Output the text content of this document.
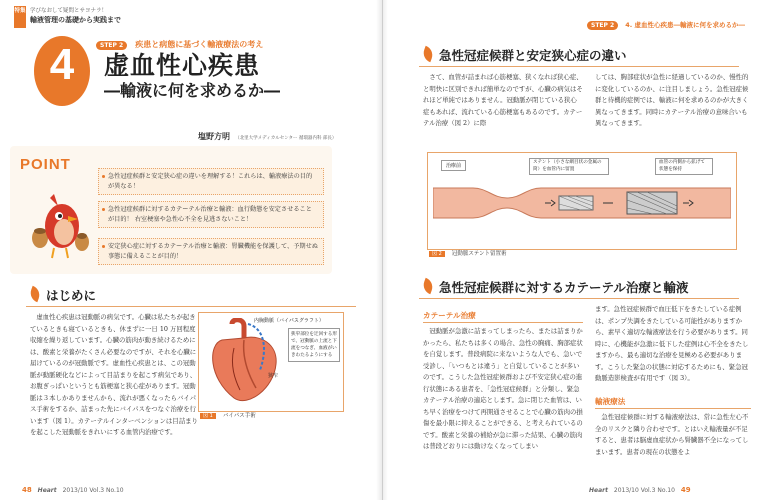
特集 学びなおして疑問とサヨナラ！
輸液管理の基礎から実践まで
4	STEP 2 疾患と病態に基づく輸液療法の考え
虚血性心疾患
―輸液に何を求めるか―
塩野方明 （北里大学メディカルセンター 循環器内科 部長）
POINT
急性冠症候群と安定狭心症の違いを理解する！これらは、輸液療法の目的が異なる！
急性冠症候群に対するカテーテル治療と輸液：血行動態を安定させることが目的！ 右室梗塞や急性心不全を見逃さないこと！
安定狭心症に対するカテーテル治療と輸液：腎臓機能を保護して、予期せぬ事態に備えることが目的！
はじめに
　虚血性心疾患は冠動脈の病気です。心臓は私たちが起きているときも寝ているときも、休まずに一日 10 万回程度収縮を繰り返しています。心臓の筋肉が動き続けるためには、酸素と栄養がたくさん必要なのですが、それを心臓に届けているのが冠動脈です。虚血性心疾患とは、この冠動脈が動脈硬化などによって目詰まりを起こす病気であり、お腹ぎっぱいというとも筋梗塞と狭心症があります。冠動脈は３本しかありませんから、流れが悪くなったらバイパス手術をするか、詰まった先にバイパスをつなぐ治療を行います（図 1）。カテーテルインターベンションは目詰まりを起こした冠動脈をきれいにする血管内治療です。
内胸動脈（バイパスグラフト）
狭窄部位を迂回する形で、冠動脈の上流と下流をつなぎ、血液がいきわたるようにする
狭窄
図 1 バイパス手術
48 Heart 2013/10 Vol.3 No.10
STEP 2 4. 虚血性心疾患―輸液に何を求めるか―
急性冠症候群と安定狭心症の違い
　さて、血管が詰まれば心筋梗塞、狭くなれば狭心症、と明快に区別できれば簡単なのですが、心臓の病気はそれほど単純ではありません。冠動脈が閉じている狭心症もあれば、流れている心筋梗塞もあるのです。カテーテル治療（図 2）に際
しては、胸部症状が急性に経過しているのか、慢性的に変化しているのか、に注目しましょう。急性冠症候群と待機的症例では、輸液に何を求めるのかが大きく異なってきます。同時にカテーテル治療の意味合いも異なってきます。
治療前
ステント（小さな網目状の金属の筒）を血管内に留置
血管の内側から拡げて状態を保持
図 2 冠動脈ステント留置術
急性冠症候群に対するカテーテル治療と輸液
カテーテル治療
　冠動脈が急激に詰まってしまったら、または詰まりかかったら、私たちは多くの場合、急性の胸痛、胸部症状を自覚します。普段病院に来ないような人でも、急いで受診し、「いつもとは違う」と自覚していることが多いのです。こうした急性冠症候群および不安定狭心症の進行状態にある患者を、「急性冠症候群」と分類し、緊急カテーテル治療の適応とします。急に閉じた血管は、いち早く治療をつけて再開通させることで心臓の筋肉の損傷を最小限に抑えることができる、と考えられているのです。酸素と栄養の補給が急に滞った結果、心臓の筋肉は普段どおりには動けなくなってしまい
ます。急性冠症候群で血圧低下をきたしている症例は、ポンプ失調をきたしている可能性がありますから、素早く適切な輸液療法を行う必要があります。同時に、心機能が急激に低下した症例は心不全をきたしますから、最も適切な治療を見極める必要があります。こうした緊急の状態に対応するためにも、緊急冠動脈造影検査が有用です（図 3）。
輸液療法
　急性冠症候群に対する輸液療法は、常に急性左心不全のリスクと隣り合わせです。とはいえ輸液量が不足すると、患者は脳虚血症状から腎臓器不全になってしまいます。患者の現在の状態をよ
Heart 2013/10 Vol.3 No.10 49
